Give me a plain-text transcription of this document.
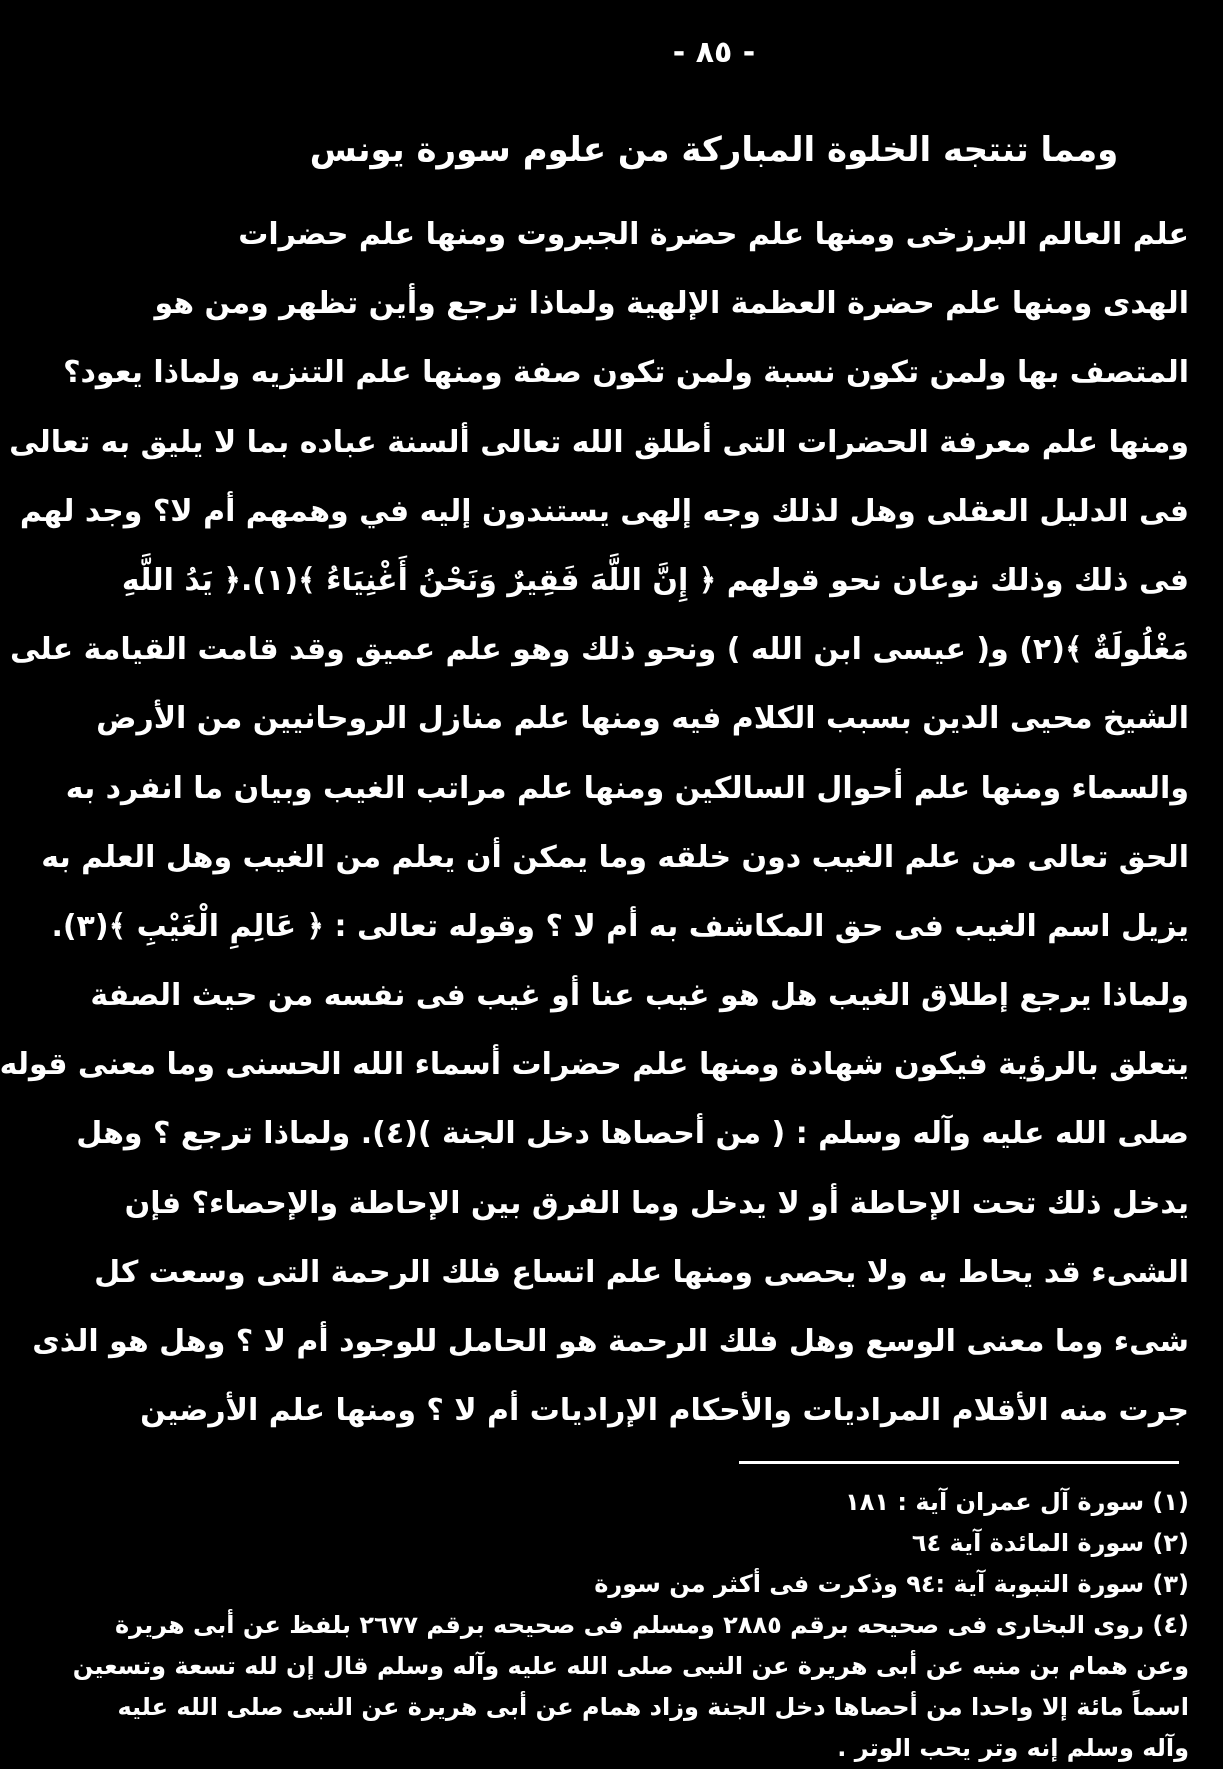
- ٨٥ -
ومما تنتجه الخلوة المباركة من علوم سورة يونس
علم العالم البرزخى ومنها علم حضرة الجبروت ومنها علم حضرات
الهدى ومنها علم حضرة العظمة الإلهية ولماذا ترجع وأين تظهر ومن هو
المتصف بها ولمن تكون نسبة ولمن تكون صفة ومنها علم التنزيه ولماذا يعود؟
ومنها علم معرفة الحضرات التى أطلق الله تعالى ألسنة عباده بما لا يليق به تعالى
فى الدليل العقلى وهل لذلك وجه إلهى يستندون إليه في وهمهم أم لا؟ وجد لهم
فى ذلك وذلك نوعان نحو قولهم ﴿ إِنَّ اللَّهَ فَقِيرٌ وَنَحْنُ أَغْنِيَاءُ ﴾(١).﴿ يَدُ اللَّهِ
مَغْلُولَةٌ ﴾(٢) و( عيسى ابن الله ) ونحو ذلك وهو علم عميق وقد قامت القيامة على
الشيخ محيى الدين بسبب الكلام فيه ومنها علم منازل الروحانيين من الأرض
والسماء ومنها علم أحوال السالكين ومنها علم مراتب الغيب وبيان ما انفرد به
الحق تعالى من علم الغيب دون خلقه وما يمكن أن يعلم من الغيب وهل العلم به
يزيل اسم الغيب فى حق المكاشف به أم لا ؟ وقوله تعالى : ﴿ عَالِمِ الْغَيْبِ ﴾(٣).
ولماذا يرجع إطلاق الغيب هل هو غيب عنا أو غيب فى نفسه من حيث الصفة
يتعلق بالرؤية فيكون شهادة ومنها علم حضرات أسماء الله الحسنى وما معنى قوله
صلى الله عليه وآله وسلم : ( من أحصاها دخل الجنة )(٤). ولماذا ترجع ؟ وهل
يدخل ذلك تحت الإحاطة أو لا يدخل وما الفرق بين الإحاطة والإحصاء؟ فإن
الشىء قد يحاط به ولا يحصى ومنها علم اتساع فلك الرحمة التى وسعت كل
شىء وما معنى الوسع وهل فلك الرحمة هو الحامل للوجود أم لا ؟ وهل هو الذى
جرت منه الأقلام المراديات والأحكام الإراديات أم لا ؟ ومنها علم الأرضين
(١) سورة آل عمران آية : ١٨١
(٢) سورة المائدة آية ٦٤
(٣) سورة التبوبة آية :٩٤ وذكرت فى أكثر من سورة
(٤) روى البخارى فى صحيحه برقم ٢٨٨٥ ومسلم فى صحيحه برقم ٢٦٧٧ بلفظ عن أبى هريرة
وعن همام بن منبه عن أبى هريرة عن النبى صلى الله عليه وآله وسلم قال إن لله تسعة وتسعين
اسماً مائة إلا واحدا من أحصاها دخل الجنة وزاد همام عن أبى هريرة عن النبى صلى الله عليه
وآله وسلم إنه وتر يحب الوتر .
